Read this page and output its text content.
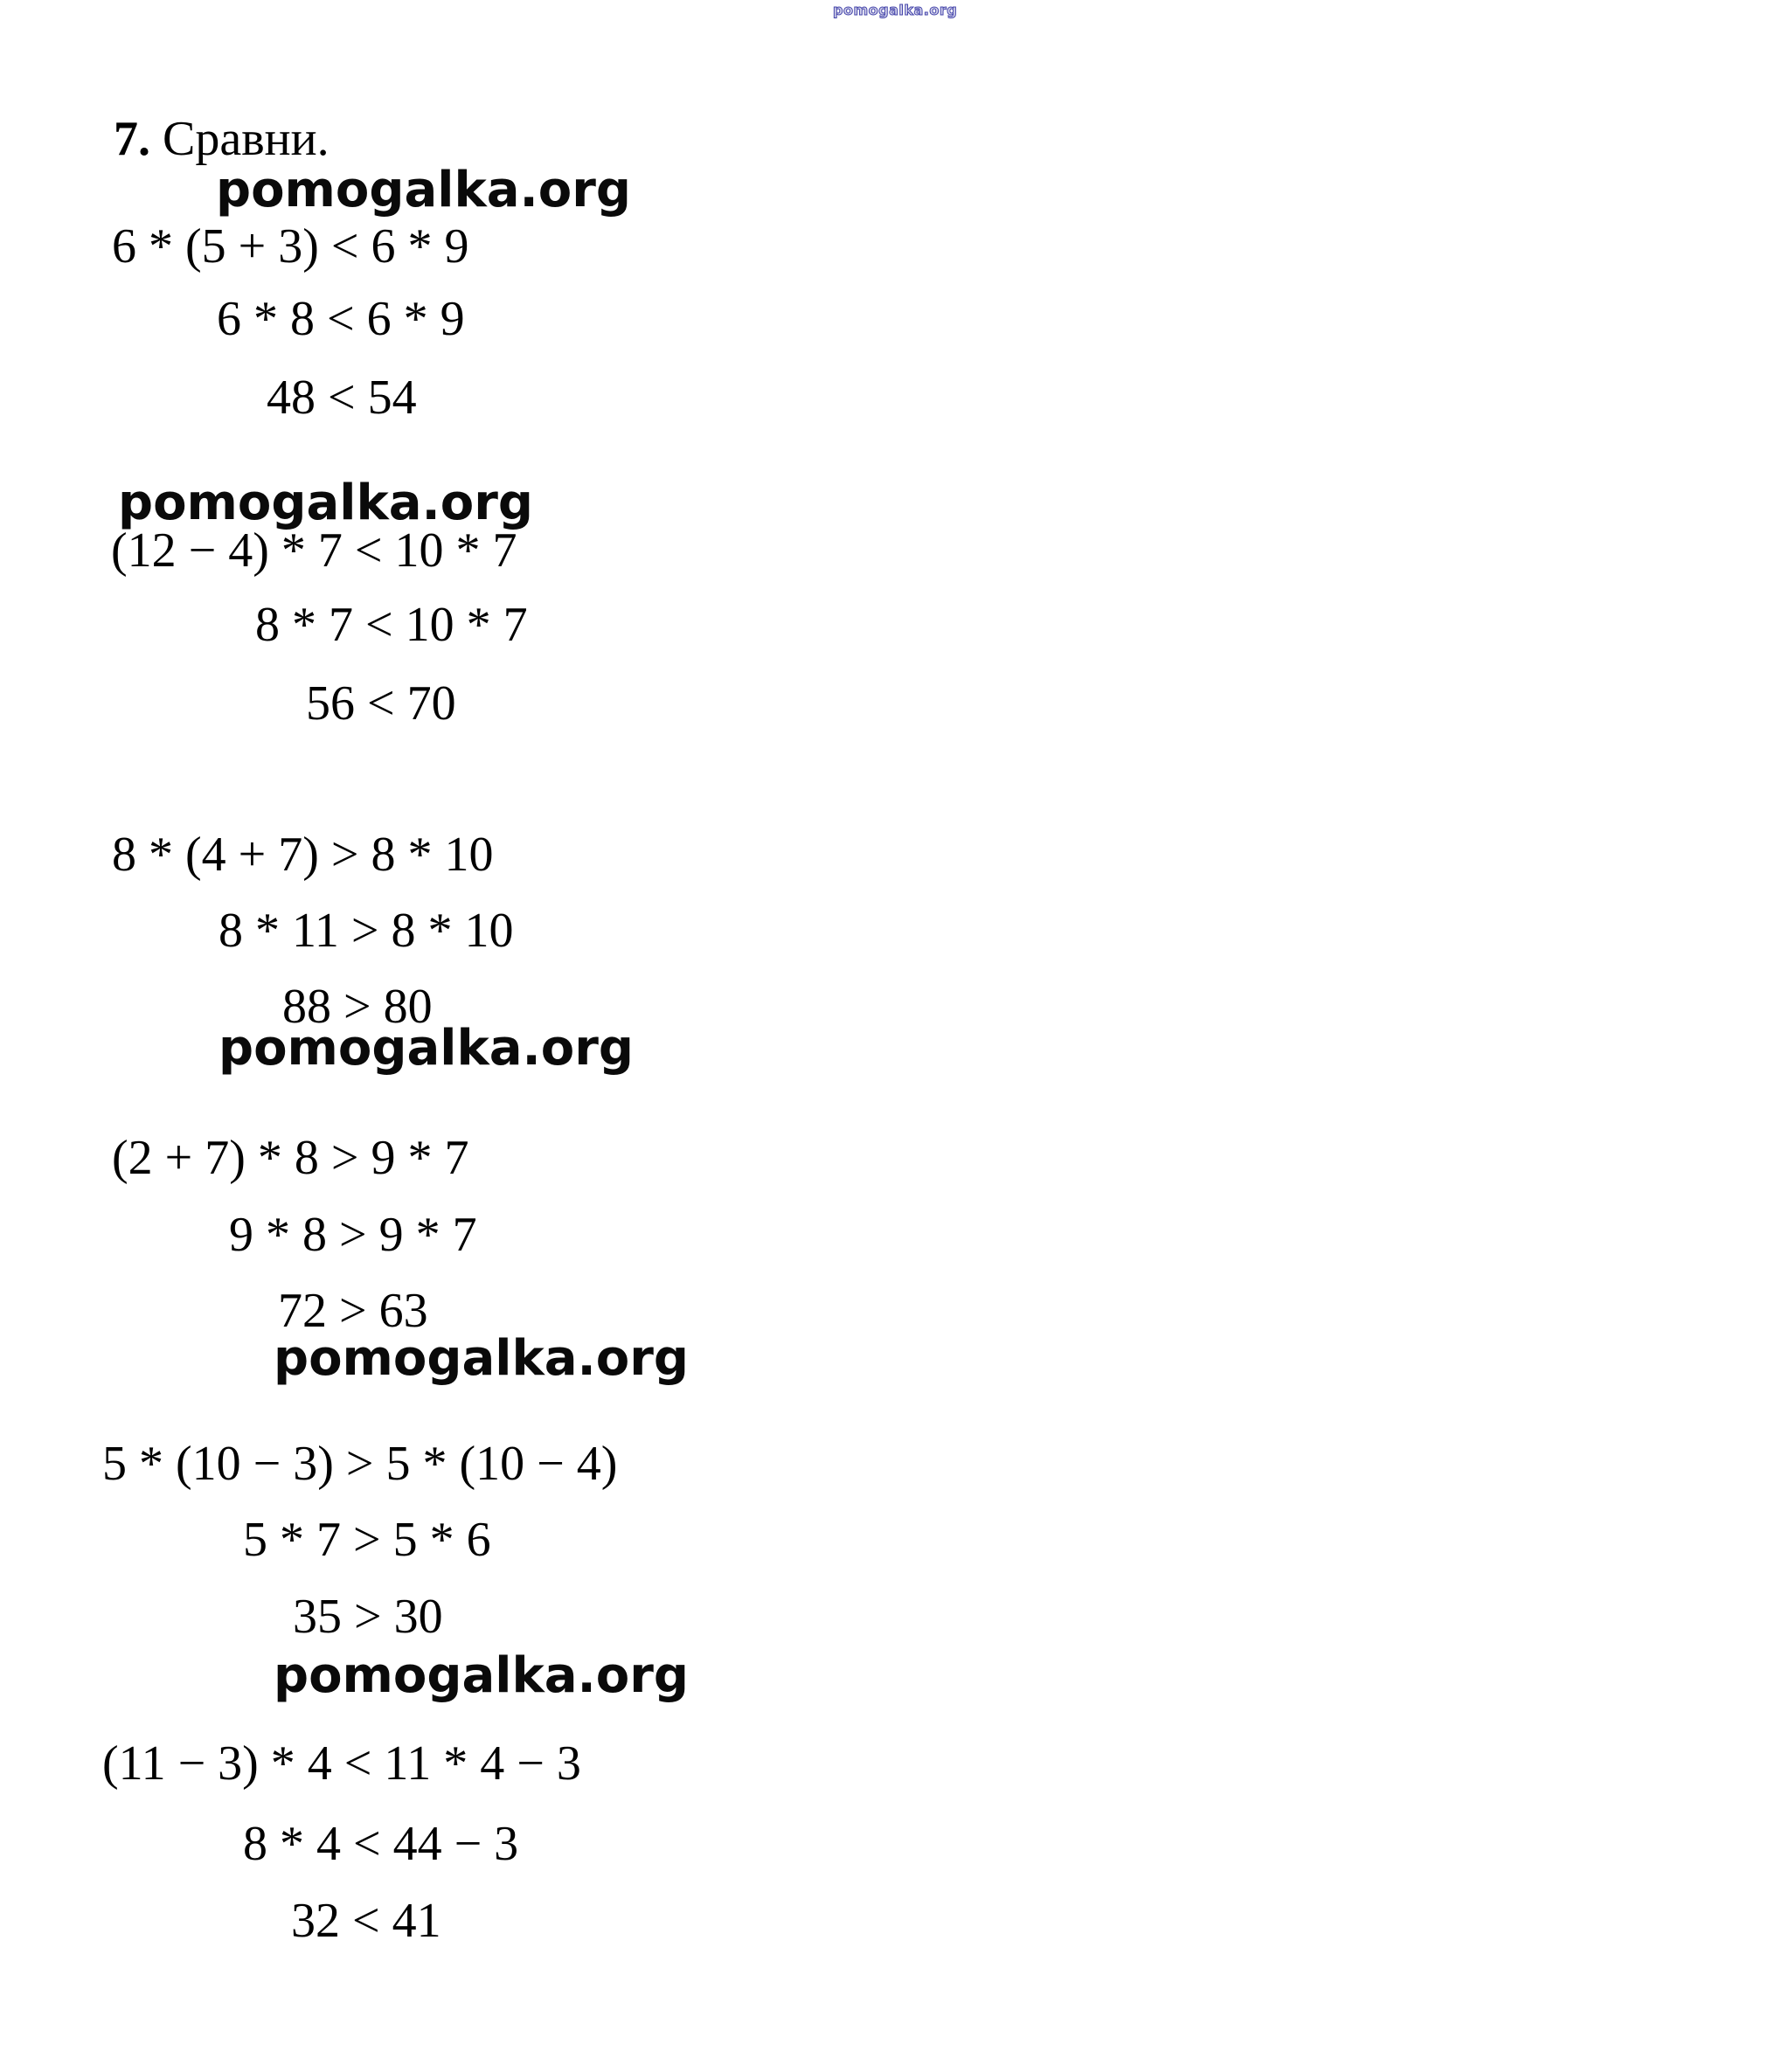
pomogalka.org
7. Сравни.
pomogalka.org
6 * (5 + 3) < 6 * 9
6 * 8 < 6 * 9
48 < 54
pomogalka.org
(12 − 4) * 7 < 10 * 7
8 * 7 < 10 * 7
56 < 70
8 * (4 + 7) > 8 * 10
8 * 11 > 8 * 10
88 > 80
pomogalka.org
(2 + 7) * 8 > 9 * 7
9 * 8 > 9 * 7
72 > 63
pomogalka.org
5 * (10 − 3) > 5 * (10 − 4)
5 * 7 > 5 * 6
35 > 30
pomogalka.org
(11 − 3) * 4 < 11 * 4 − 3
8 * 4 < 44 − 3
32 < 41
